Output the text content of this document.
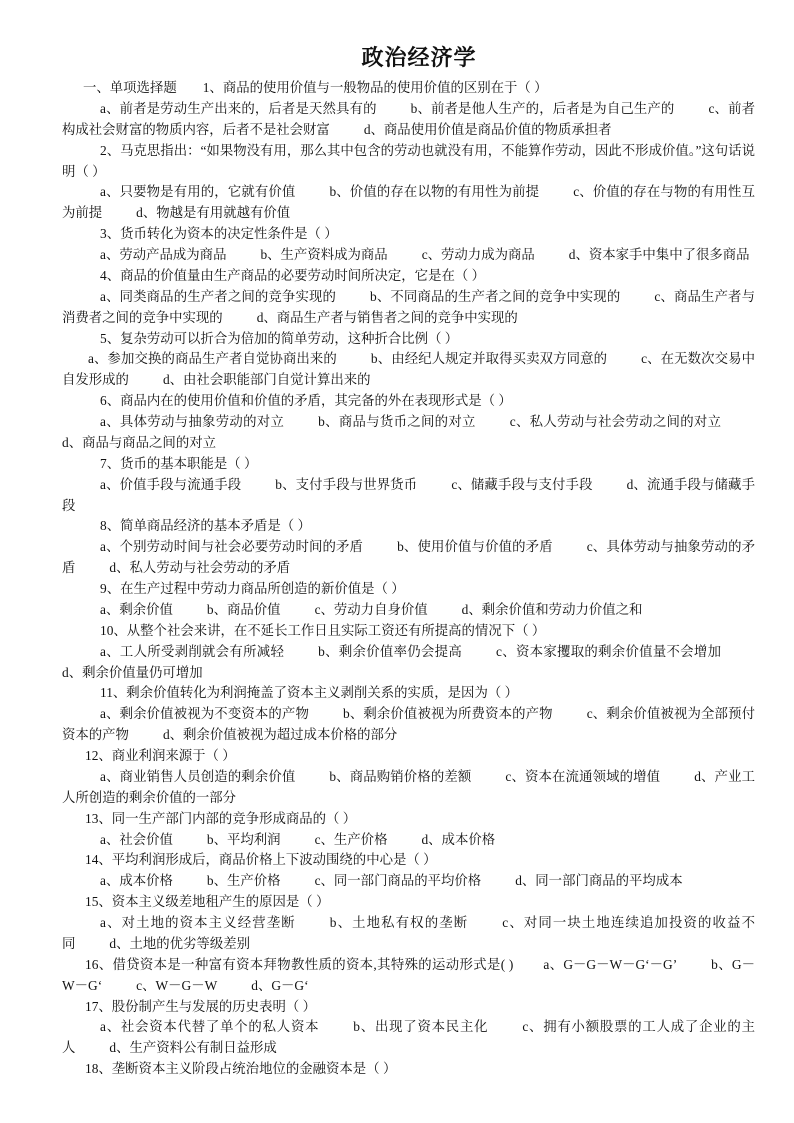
政治经济学

一、单项选择题 1、商品的使用价值与一般物品的使用价值的区别在于（ ）

a、前者是劳动生产出来的，后者是天然具有的	b、前者是他人生产的，后者是为自己生产的	c、前者构成社会财富的物质内容，后者不是社会财富	d、商品使用价值是商品价值的物质承担者

2、马克思指出：“如果物没有用，那么其中包含的劳动也就没有用，不能算作劳动，因此不形成价值。”这句话说明（ ）

a、只要物是有用的，它就有价值	b、价值的存在以物的有用性为前提	c、价值的存在与物的有用性互为前提	d、物越是有用就越有价值

3、货币转化为资本的决定性条件是（ ）

a、劳动产品成为商品	b、生产资料成为商品	c、劳动力成为商品	d、资本家手中集中了很多商品

4、商品的价值量由生产商品的必要劳动时间所决定，它是在（ ）

a、同类商品的生产者之间的竞争实现的	b、不同商品的生产者之间的竞争中实现的	c、商品生产者与消费者之间的竞争中实现的	d、商品生产者与销售者之间的竞争中实现的

5、复杂劳动可以折合为倍加的简单劳动，这种折合比例（ ）

a、参加交换的商品生产者自觉协商出来的	b、由经纪人规定并取得买卖双方同意的	c、在无数次交易中自发形成的	d、由社会职能部门自觉计算出来的

6、商品内在的使用价值和价值的矛盾，其完备的外在表现形式是（ ）

a、具体劳动与抽象劳动的对立	b、商品与货币之间的对立	c、私人劳动与社会劳动之间的对立d、商品与商品之间的对立

7、货币的基本职能是（ ）

a、价值手段与流通手段	b、支付手段与世界货币	c、储藏手段与支付手段	d、流通手段与储藏手段

8、简单商品经济的基本矛盾是（ ）

a、个别劳动时间与社会必要劳动时间的矛盾	b、使用价值与价值的矛盾	c、具体劳动与抽象劳动的矛盾	d、私人劳动与社会劳动的矛盾

9、在生产过程中劳动力商品所创造的新价值是（ ）

a、剩余价值	b、商品价值	c、劳动力自身价值	d、剩余价值和劳动力价值之和

10、从整个社会来讲，在不延长工作日且实际工资还有所提高的情况下（ ）

a、工人所受剥削就会有所减轻	b、剩余价值率仍会提高	c、资本家攫取的剩余价值量不会增加d、剩余价值量仍可增加

11、剩余价值转化为利润掩盖了资本主义剥削关系的实质，是因为（ ）

a、剩余价值被视为不变资本的产物	b、剩余价值被视为所费资本的产物	c、剩余价值被视为全部预付资本的产物	d、剩余价值被视为超过成本价格的部分

12、商业利润来源于（ ）

a、商业销售人员创造的剩余价值	b、商品购销价格的差额	c、资本在流通领域的增值	d、产业工人所创造的剩余价值的一部分

13、同一生产部门内部的竞争形成商品的（ ）

a、社会价值	b、平均利润	c、生产价格	d、成本价格

14、平均利润形成后，商品价格上下波动围绕的中心是（ ）

a、成本价格	b、生产价格	c、同一部门商品的平均价格	d、同一部门商品的平均成本

15、资本主义级差地租产生的原因是（ ）

a、对土地的资本主义经营垄断	b、土地私有权的垄断	c、对同一块土地连续追加投资的收益不同	d、土地的优劣等级差别

16、借贷资本是一种富有资本拜物教性质的资本,其特殊的运动形式是( ) a、G－G－W－G‘－G’	b、G－W－G‘	c、W－G－W	d、G－G‘

17、股份制产生与发展的历史表明（ ）

a、社会资本代替了单个的私人资本	b、出现了资本民主化	c、拥有小额股票的工人成了企业的主人	d、生产资料公有制日益形成

18、垄断资本主义阶段占统治地位的金融资本是（ ）
